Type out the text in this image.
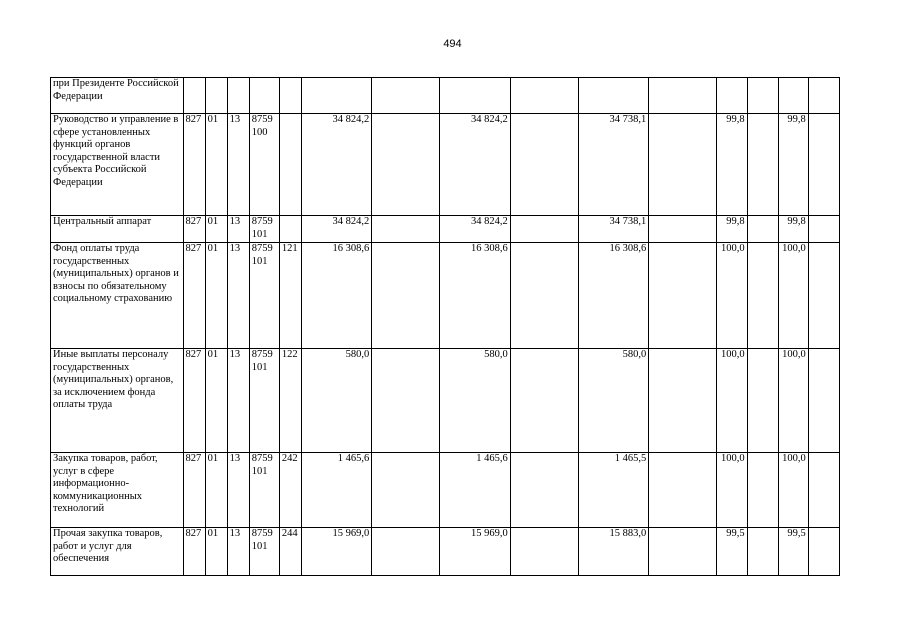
494
при Президенте Российской Федерации															
Руководство и управление в сфере установленных функций органов государственной власти субъекта Российской Федерации	827	01	13	8759 100		34 824,2		34 824,2		34 738,1		99,8		99,8	
Центральный аппарат	827	01	13	8759 101		34 824,2		34 824,2		34 738,1		99,8		99,8	
Фонд оплаты труда государственных (муниципальных) органов и взносы по обязательному социальному страхованию	827	01	13	8759 101	121	16 308,6		16 308,6		16 308,6		100,0		100,0	
Иные выплаты персоналу государственных (муниципальных) органов, за исключением фонда оплаты труда	827	01	13	8759 101	122	580,0		580,0		580,0		100,0		100,0	
Закупка товаров, работ, услуг в сфере информационно-коммуникационных технологий	827	01	13	8759 101	242	1 465,6		1 465,6		1 465,5		100,0		100,0	
Прочая закупка товаров, работ и услуг для обеспечения	827	01	13	8759 101	244	15 969,0		15 969,0		15 883,0		99,5		99,5	
